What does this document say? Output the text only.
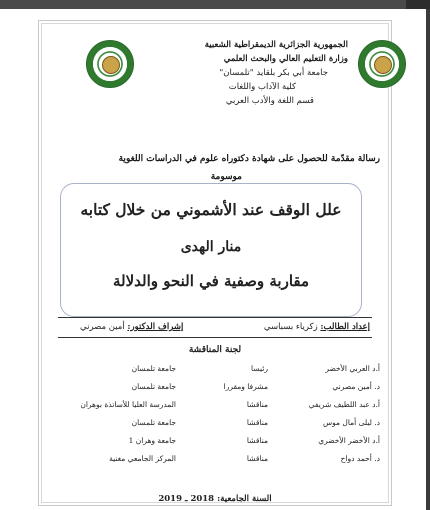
الجمهورية الجزائرية الديمقراطية الشعبية
وزارة التعليم العالي والبحث العلمي
جامعة أبي بكر بلقايد "تلمسان"
كلية الآداب واللغات
قسم اللغة والأدب العربي
رسالة مقدّمة للحصول على شهادة دكتوراه علوم في الدراسات اللغوية
موسومة
علل الوقف عند الأشموني من خلال كتابه
منار الهدى
مقاربة وصفية في النحو والدلالة
إعداد الطالب: زكرياء بسباسي
إشراف الدكتور: أمين مصرني
لجنة المناقشة
أ.د العربي الأخضر
رئيسا
جامعة تلمسان
د. أمين مصرني
مشرفا ومقررا
جامعة تلمسان
أ.د عبد اللطيف شريفي
مناقشا
المدرسة العليا للأساتذة بوهران
د. ليلى أمال موس
مناقشا
جامعة تلمسان
أ.د الأخضر الأخضري
مناقشا
جامعة وهران 1
د. أحمد دواح
مناقشا
المركز الجامعي مغنية
السنة الجامعية: 2018 ـ 2019
